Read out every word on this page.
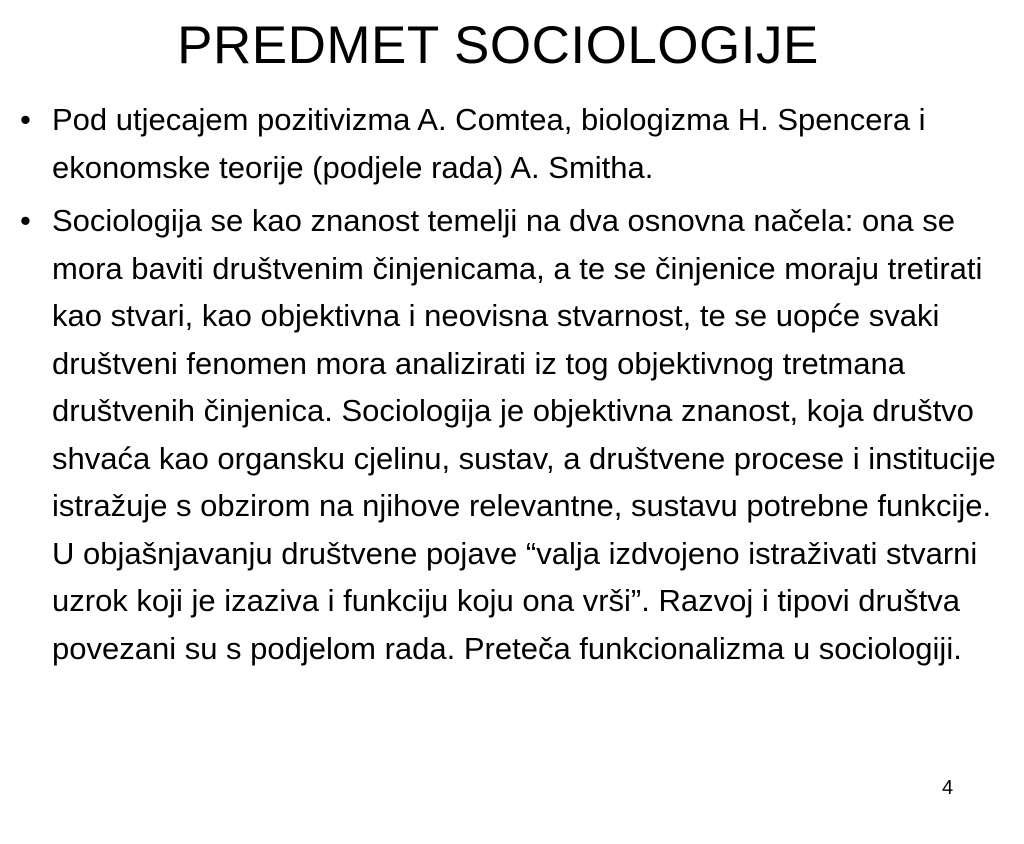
PREDMET SOCIOLOGIJE
• Pod utjecajem pozitivizma A. Comtea, biologizma H. Spencera i ekonomske teorije (podjele rada) A. Smitha.
• Sociologija se kao znanost temelji na dva osnovna načela: ona se mora baviti društvenim činjenicama, a te se činjenice moraju tretirati kao stvari, kao objektivna i neovisna stvarnost, te se uopće svaki društveni fenomen mora analizirati iz tog objektivnog tretmana društvenih činjenica. Sociologija je objektivna znanost, koja društvo shvaća kao organsku cjelinu, sustav, a društvene procese i institucije istražuje s obzirom na njihove relevantne, sustavu potrebne funkcije. U objašnjavanju društvene pojave “valja izdvojeno istraživati stvarni uzrok koji je izaziva i funkciju koju ona vrši”. Razvoj i tipovi društva povezani su s podjelom rada. Preteča funkcionalizma u sociologiji.
4
